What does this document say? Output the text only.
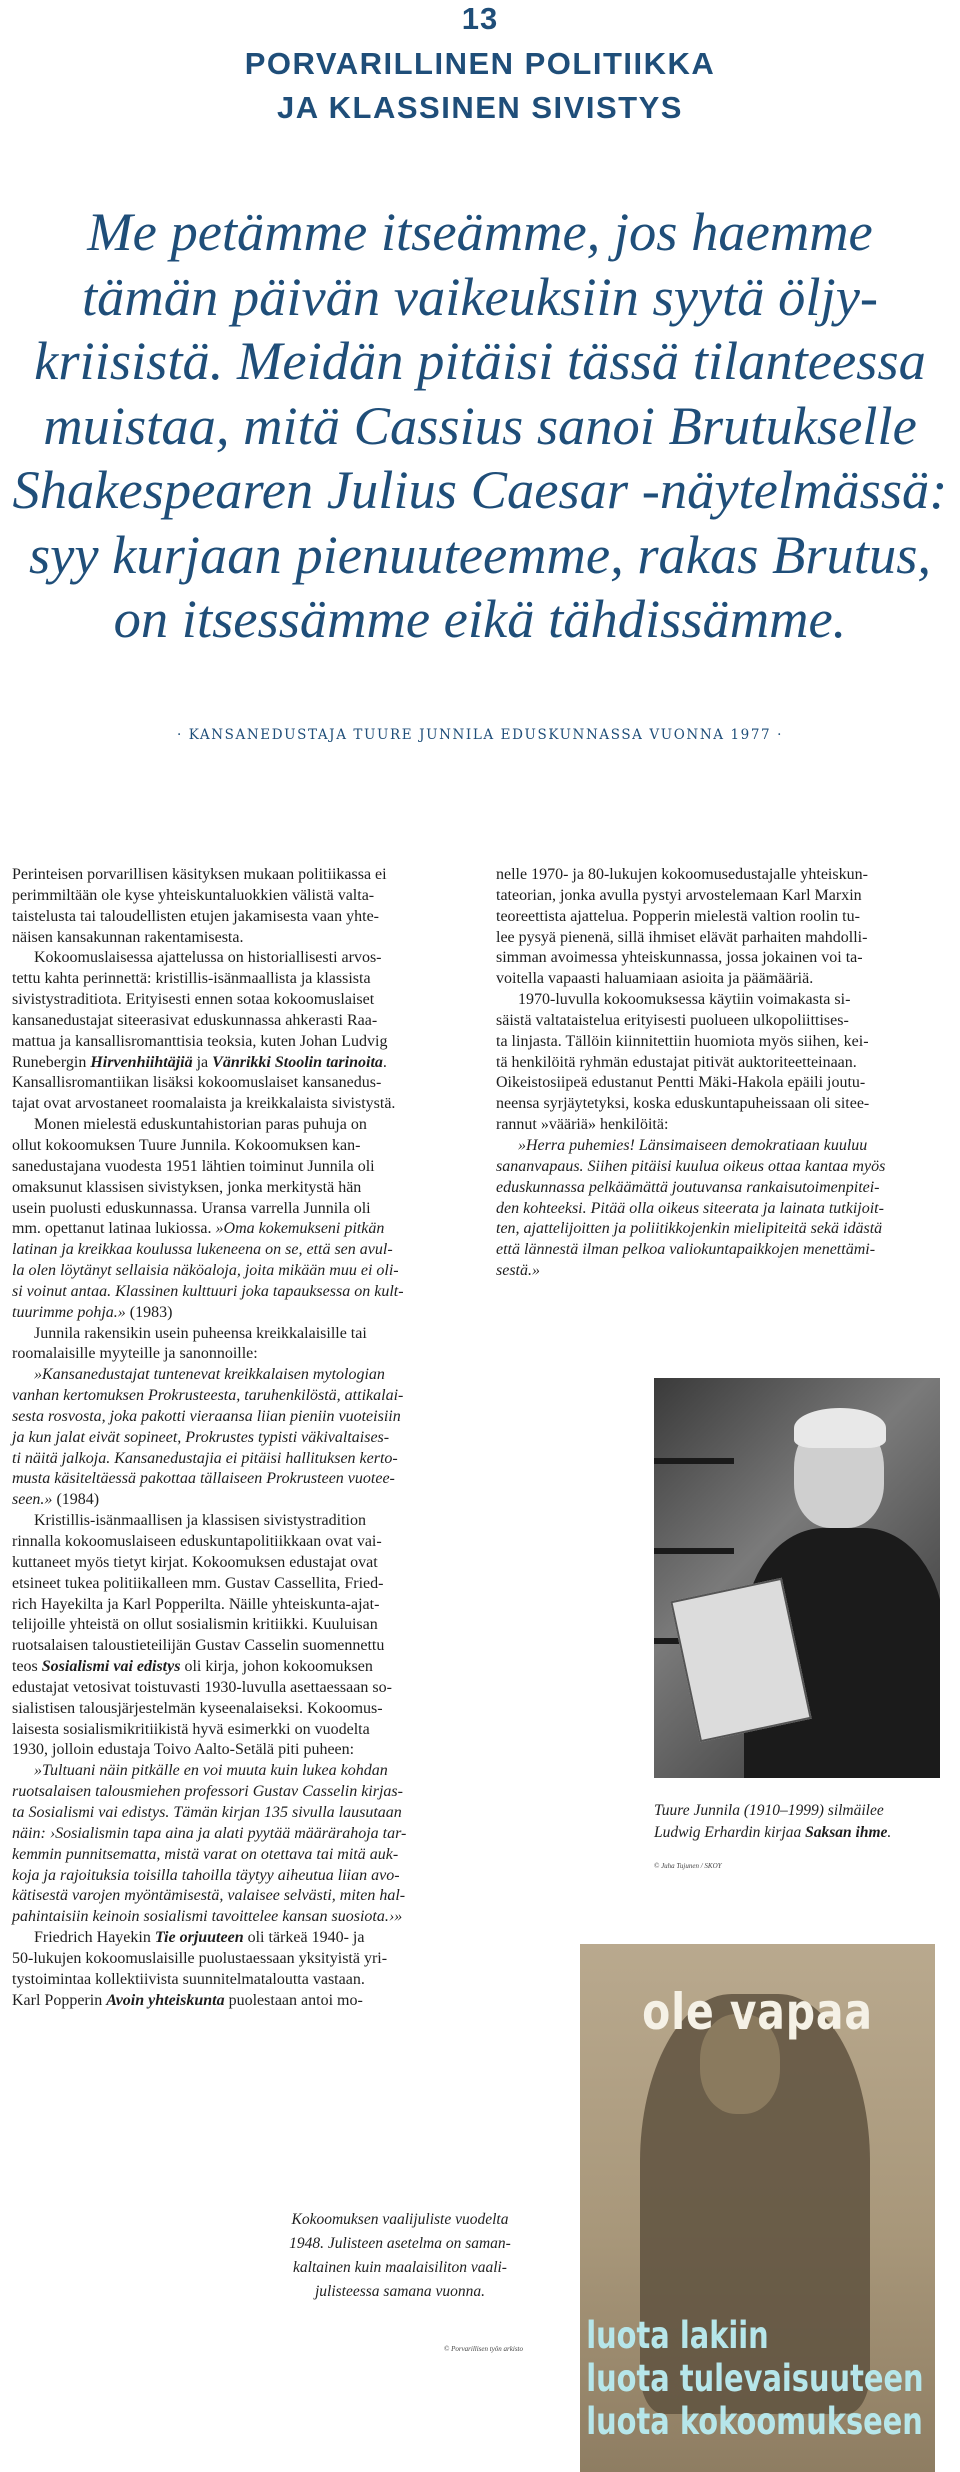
13
PORVARILLINEN POLITIIKKA
JA KLASSINEN SIVISTYS
Me petämme itseämme, jos haemme
tämän päivän vaikeuksiin syytä öljy-
kriisistä. Meidän pitäisi tässä tilanteessa
muistaa, mitä Cassius sanoi Brutukselle
Shakespearen Julius Caesar -näytelmässä:
syy kurjaan pienuuteemme, rakas Brutus,
on itsessämme eikä tähdissämme.
· KANSANEDUSTAJA TUURE JUNNILA EDUSKUNNASSA VUONNA 1977 ·
Perinteisen porvarillisen käsityksen mukaan politiikassa ei
perimmiltään ole kyse yhteiskuntaluokkien välistä valta-
taistelusta tai taloudellisten etujen jakamisesta vaan yhte-
näisen kansakunnan rakentamisesta.
Kokoomuslaisessa ajattelussa on historiallisesti arvos-
tettu kahta perinnettä: kristillis-isänmaallista ja klassista
sivistystraditiota. Erityisesti ennen sotaa kokoomuslaiset
kansanedustajat siteerasivat eduskunnassa ahkerasti Raa-
mattua ja kansallisromanttisia teoksia, kuten Johan Ludvig
Runebergin Hirvenhiihtäjiä ja Vänrikki Stoolin tarinoita.
Kansallisromantiikan lisäksi kokoomuslaiset kansanedus-
tajat ovat arvostaneet roomalaista ja kreikkalaista sivistystä.
Monen mielestä eduskuntahistorian paras puhuja on
ollut kokoomuksen Tuure Junnila. Kokoomuksen kan-
sanedustajana vuodesta 1951 lähtien toiminut Junnila oli
omaksunut klassisen sivistyksen, jonka merkitystä hän
usein puolusti eduskunnassa. Uransa varrella Junnila oli
mm. opettanut latinaa lukiossa. »Oma kokemukseni pitkän
latinan ja kreikkaa koulussa lukeneena on se, että sen avul-
la olen löytänyt sellaisia näköaloja, joita mikään muu ei oli-
si voinut antaa. Klassinen kulttuuri joka tapauksessa on kult-
tuurimme pohja.» (1983)
Junnila rakensikin usein puheensa kreikkalaisille tai
roomalaisille myyteille ja sanonnoille:
»Kansanedustajat tuntenevat kreikkalaisen mytologian
vanhan kertomuksen Prokrusteesta, taruhenkilöstä, attikalai-
sesta rosvosta, joka pakotti vieraansa liian pieniin vuoteisiin
ja kun jalat eivät sopineet, Prokrustes typisti väkivaltaises-
ti näitä jalkoja. Kansanedustajia ei pitäisi hallituksen kerto-
musta käsiteltäessä pakottaa tällaiseen Prokrusteen vuotee-
seen.» (1984)
Kristillis-isänmaallisen ja klassisen sivistystradition
rinnalla kokoomuslaiseen eduskuntapolitiikkaan ovat vai-
kuttaneet myös tietyt kirjat. Kokoomuksen edustajat ovat
etsineet tukea politiikalleen mm. Gustav Cassellita, Fried-
rich Hayekilta ja Karl Popperilta. Näille yhteiskunta-ajat-
telijoille yhteistä on ollut sosialismin kritiikki. Kuuluisan
ruotsalaisen taloustieteilijän Gustav Casselin suomennettu
teos Sosialismi vai edistys oli kirja, johon kokoomuksen
edustajat vetosivat toistuvasti 1930-luvulla asettaessaan so-
sialistisen talousjärjestelmän kyseenalaiseksi. Kokoomus-
laisesta sosialismikritiikistä hyvä esimerkki on vuodelta
1930, jolloin edustaja Toivo Aalto-Setälä piti puheen:
»Tultuani näin pitkälle en voi muuta kuin lukea kohdan
ruotsalaisen talousmiehen professori Gustav Casselin kirjas-
ta Sosialismi vai edistys. Tämän kirjan 135 sivulla lausutaan
näin: ›Sosialismin tapa aina ja alati pyytää määrärahoja tar-
kemmin punnitsematta, mistä varat on otettava tai mitä auk-
koja ja rajoituksia toisilla tahoilla täytyy aiheutua liian avo-
kätisestä varojen myöntämisestä, valaisee selvästi, miten hal-
pahintaisiin keinoin sosialismi tavoittelee kansan suosiota.›»
Friedrich Hayekin Tie orjuuteen oli tärkeä 1940- ja
50-lukujen kokoomuslaisille puolustaessaan yksityistä yri-
tystoimintaa kollektiivista suunnitelmataloutta vastaan.
Karl Popperin Avoin yhteiskunta puolestaan antoi mo-
nelle 1970- ja 80-lukujen kokoomusedustajalle yhteiskun-
tateorian, jonka avulla pystyi arvostelemaan Karl Marxin
teoreettista ajattelua. Popperin mielestä valtion roolin tu-
lee pysyä pienenä, sillä ihmiset elävät parhaiten mahdolli-
simman avoimessa yhteiskunnassa, jossa jokainen voi ta-
voitella vapaasti haluamiaan asioita ja päämääriä.
1970-luvulla kokoomuksessa käytiin voimakasta si-
säistä valtataistelua erityisesti puolueen ulkopoliittises-
ta linjasta. Tällöin kiinnitettiin huomiota myös siihen, kei-
tä henkilöitä ryhmän edustajat pitivät auktoriteetteinaan.
Oikeistosiipeä edustanut Pentti Mäki-Hakola epäili joutu-
neensa syrjäytetyksi, koska eduskuntapuheissaan oli sitee-
rannut »vääriä» henkilöitä:
»Herra puhemies! Länsimaiseen demokratiaan kuuluu
sananvapaus. Siihen pitäisi kuulua oikeus ottaa kantaa myös
eduskunnassa pelkäämättä joutuvansa rankaisutoimenpitei-
den kohteeksi. Pitää olla oikeus siteerata ja lainata tutkijoit-
ten, ajattelijoitten ja poliitikkojenkin mielipiteitä sekä idästä
että lännestä ilman pelkoa valiokuntapaikkojen menettämi-
sestä.»
Tuure Junnila (1910–1999) silmäilee
Ludwig Erhardin kirjaa Saksan ihme.
© Juha Tujunen / SKOY
Kokoomuksen vaalijuliste vuodelta
1948. Julisteen asetelma on saman-
kaltainen kuin maalaisiliton vaali-
julisteessa samana vuonna.
© Porvarillisen työn arkisto
ole vapaa
luota lakiin
luota tulevaisuuteen
luota kokoomukseen
